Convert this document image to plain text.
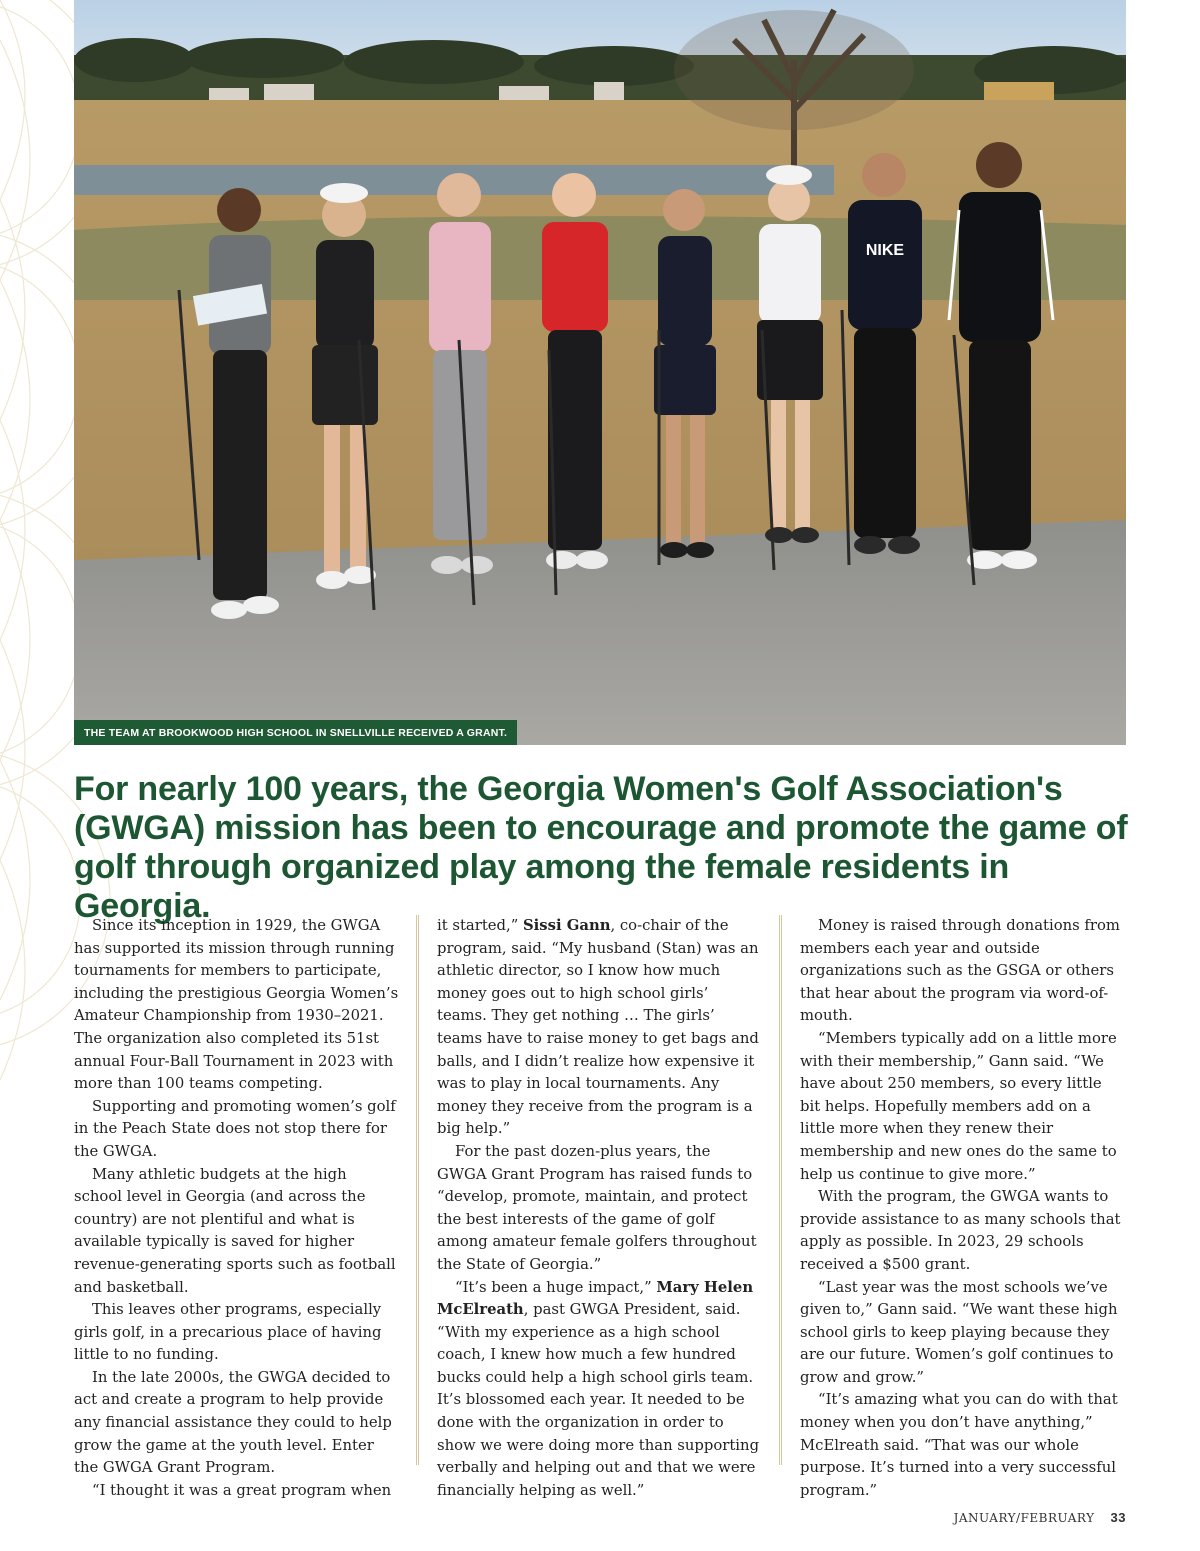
NIKE
THE TEAM AT BROOKWOOD HIGH SCHOOL IN SNELLVILLE RECEIVED A GRANT.
For nearly 100 years, the Georgia Women's Golf Association's (GWGA) mission has been to encourage and promote the game of golf through organized play among the female residents in Georgia.

Since its inception in 1929, the GWGA has supported its mission through running tournaments for members to participate, including the prestigious Georgia Women’s Amateur Championship from 1930–2021. The organization also completed its 51st annual Four-Ball Tournament in 2023 with more than 100 teams competing.

Supporting and promoting women’s golf in the Peach State does not stop there for the GWGA.

Many athletic budgets at the high school level in Georgia (and across the country) are not plentiful and what is available typically is saved for higher revenue-generating sports such as football and basketball.

This leaves other programs, especially girls golf, in a precarious place of having little to no funding.

In the late 2000s, the GWGA decided to act and create a program to help provide any financial assistance they could to help grow the game at the youth level. Enter the GWGA Grant Program.

“I thought it was a great program when

it started,” Sissi Gann, co-chair of the program, said. “My husband (Stan) was an athletic director, so I know how much money goes out to high school girls’ teams. They get nothing … The girls’ teams have to raise money to get bags and balls, and I didn’t realize how expensive it was to play in local tournaments. Any money they receive from the program is a big help.”

For the past dozen-plus years, the GWGA Grant Program has raised funds to “develop, promote, maintain, and protect the best interests of the game of golf among amateur female golfers throughout the State of Georgia.”

“It’s been a huge impact,” Mary Helen McElreath, past GWGA President, said. “With my experience as a high school coach, I knew how much a few hundred bucks could help a high school girls team. It’s blossomed each year. It needed to be done with the organization in order to show we were doing more than supporting verbally and helping out and that we were financially helping as well.”

Money is raised through donations from members each year and outside organizations such as the GSGA or others that hear about the program via word-of-mouth.

“Members typically add on a little more with their membership,” Gann said. “We have about 250 members, so every little bit helps. Hopefully members add on a little more when they renew their membership and new ones do the same to help us continue to give more.”

With the program, the GWGA wants to provide assistance to as many schools that apply as possible. In 2023, 29 schools received a $500 grant.

“Last year was the most schools we’ve given to,” Gann said. “We want these high school girls to keep playing because they are our future. Women’s golf continues to grow and grow.”

“It’s amazing what you can do with that money when you don’t have anything,” McElreath said. “That was our whole purpose. It’s turned into a very successful program.”

JANUARY/FEBRUARY 33
